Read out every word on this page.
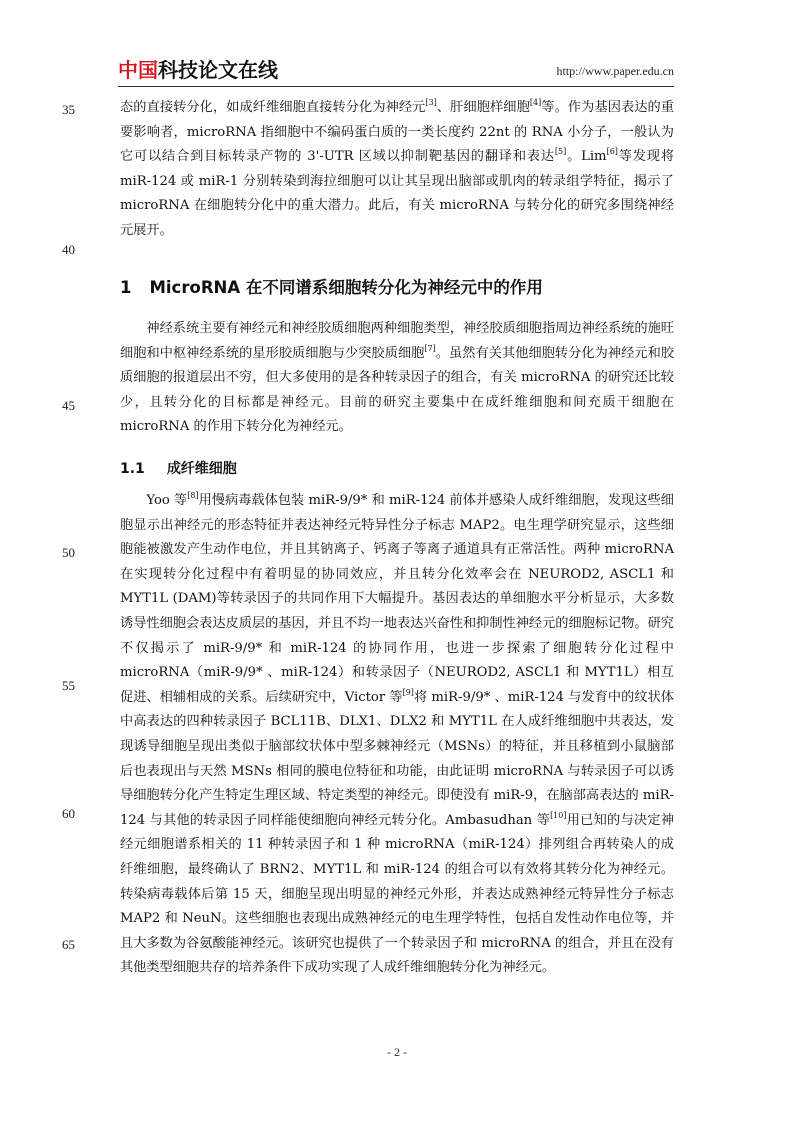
中国科技论文在线	http://www.paper.edu.cn
35
40
45
50
55
60
65

态的直接转分化，如成纤维细胞直接转分化为神经元[3]、肝细胞样细胞[4]等。作为基因表达的重要影响者，microRNA 指细胞中不编码蛋白质的一类长度约 22nt 的 RNA 小分子，一般认为它可以结合到目标转录产物的 3'-UTR 区域以抑制靶基因的翻译和表达[5]。Lim[6]等发现将 miR-124 或 miR-1 分别转染到海拉细胞可以让其呈现出脑部或肌肉的转录组学特征，揭示了 microRNA 在细胞转分化中的重大潜力。此后，有关 microRNA 与转分化的研究多围绕神经元展开。

1 MicroRNA 在不同谱系细胞转分化为神经元中的作用

神经系统主要有神经元和神经胶质细胞两种细胞类型，神经胶质细胞指周边神经系统的施旺细胞和中枢神经系统的星形胶质细胞与少突胶质细胞[7]。虽然有关其他细胞转分化为神经元和胶质细胞的报道层出不穷，但大多使用的是各种转录因子的组合，有关 microRNA 的研究还比较少，且转分化的目标都是神经元。目前的研究主要集中在成纤维细胞和间充质干细胞在 microRNA 的作用下转分化为神经元。

1.1 成纤维细胞

Yoo 等[8]用慢病毒载体包装 miR-9/9* 和 miR-124 前体并感染人成纤维细胞，发现这些细胞显示出神经元的形态特征并表达神经元特异性分子标志 MAP2。电生理学研究显示，这些细胞能被激发产生动作电位，并且其钠离子、钙离子等离子通道具有正常活性。两种 microRNA 在实现转分化过程中有着明显的协同效应，并且转分化效率会在 NEUROD2, ASCL1 和 MYT1L (DAM)等转录因子的共同作用下大幅提升。基因表达的单细胞水平分析显示，大多数诱导性细胞会表达皮质层的基因，并且不均一地表达兴奋性和抑制性神经元的细胞标记物。研究不仅揭示了 miR-9/9* 和 miR-124 的协同作用，也进一步探索了细胞转分化过程中 microRNA（miR-9/9* 、miR-124）和转录因子（NEUROD2, ASCL1 和 MYT1L）相互促进、相辅相成的关系。后续研究中，Victor 等[9]将 miR-9/9* 、miR-124 与发育中的纹状体中高表达的四种转录因子 BCL11B、DLX1、DLX2 和 MYT1L 在人成纤维细胞中共表达，发现诱导细胞呈现出类似于脑部纹状体中型多棘神经元（MSNs）的特征，并且移植到小鼠脑部后也表现出与天然 MSNs 相同的膜电位特征和功能，由此证明 microRNA 与转录因子可以诱导细胞转分化产生特定生理区域、特定类型的神经元。即使没有 miR-9，在脑部高表达的 miR-124 与其他的转录因子同样能使细胞向神经元转分化。Ambasudhan 等[10]用已知的与决定神经元细胞谱系相关的 11 种转录因子和 1 种 microRNA（miR-124）排列组合再转染人的成纤维细胞，最终确认了 BRN2、MYT1L 和 miR-124 的组合可以有效将其转分化为神经元。转染病毒载体后第 15 天，细胞呈现出明显的神经元外形，并表达成熟神经元特异性分子标志 MAP2 和 NeuN。这些细胞也表现出成熟神经元的电生理学特性，包括自发性动作电位等，并且大多数为谷氨酸能神经元。该研究也提供了一个转录因子和 microRNA 的组合，并且在没有其他类型细胞共存的培养条件下成功实现了人成纤维细胞转分化为神经元。

- 2 -
